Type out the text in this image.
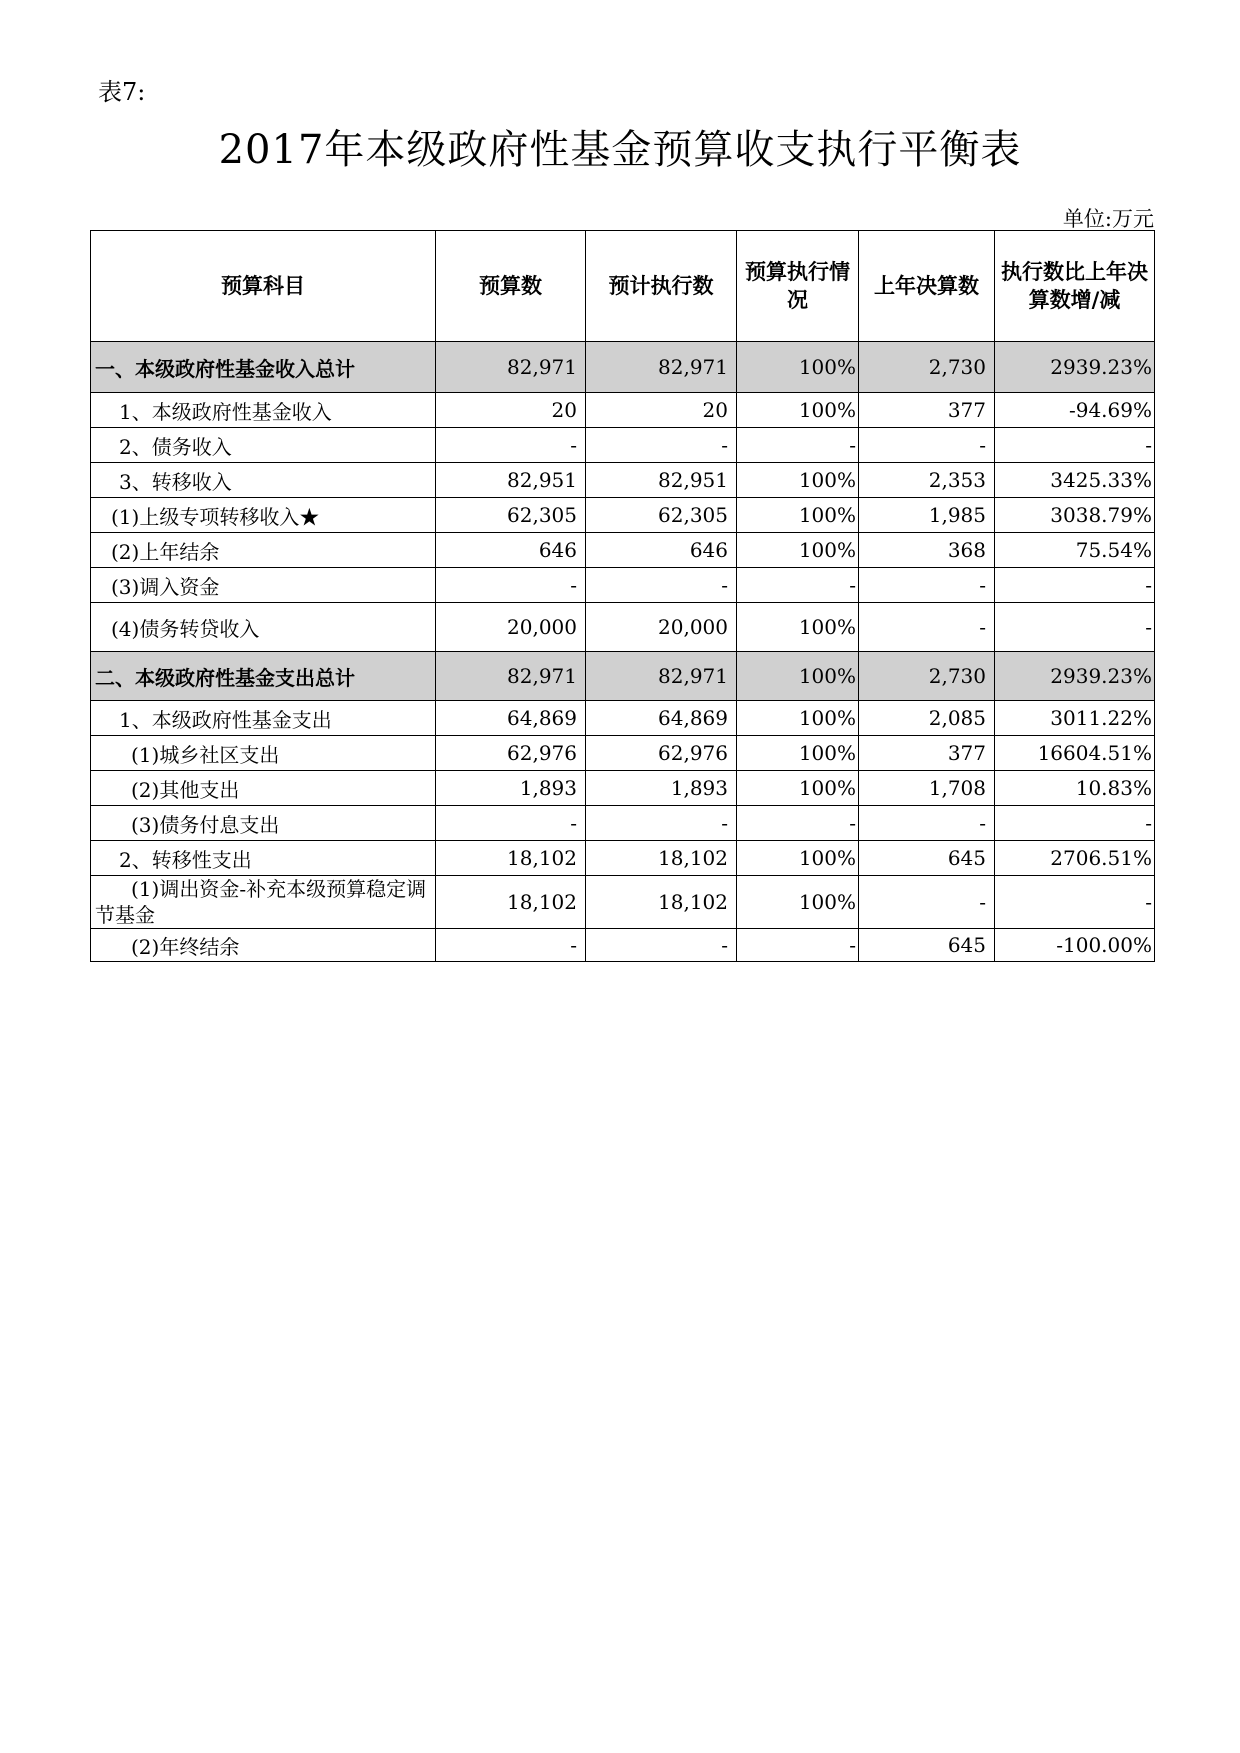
表7:
2017年本级政府性基金预算收支执行平衡表
单位:万元
预算科目	预算数	预计执行数	预算执行情况	上年决算数	执行数比上年决算数增/减
一、本级政府性基金收入总计	82,971	82,971	100%	2,730	2939.23%
1、本级政府性基金收入	20	20	100%	377	-94.69%
2、债务收入	-	-	-	-	-
3、转移收入	82,951	82,951	100%	2,353	3425.33%
(1)上级专项转移收入★	62,305	62,305	100%	1,985	3038.79%
(2)上年结余	646	646	100%	368	75.54%
(3)调入资金	-	-	-	-	-
(4)债务转贷收入	20,000	20,000	100%	-	-
二、本级政府性基金支出总计	82,971	82,971	100%	2,730	2939.23%
1、本级政府性基金支出	64,869	64,869	100%	2,085	3011.22%
(1)城乡社区支出	62,976	62,976	100%	377	16604.51%
(2)其他支出	1,893	1,893	100%	1,708	10.83%
(3)债务付息支出	-	-	-	-	-
2、转移性支出	18,102	18,102	100%	645	2706.51%
(1)调出资金-补充本级预算稳定调节基金	18,102	18,102	100%	-	-
(2)年终结余	-	-	-	645	-100.00%
